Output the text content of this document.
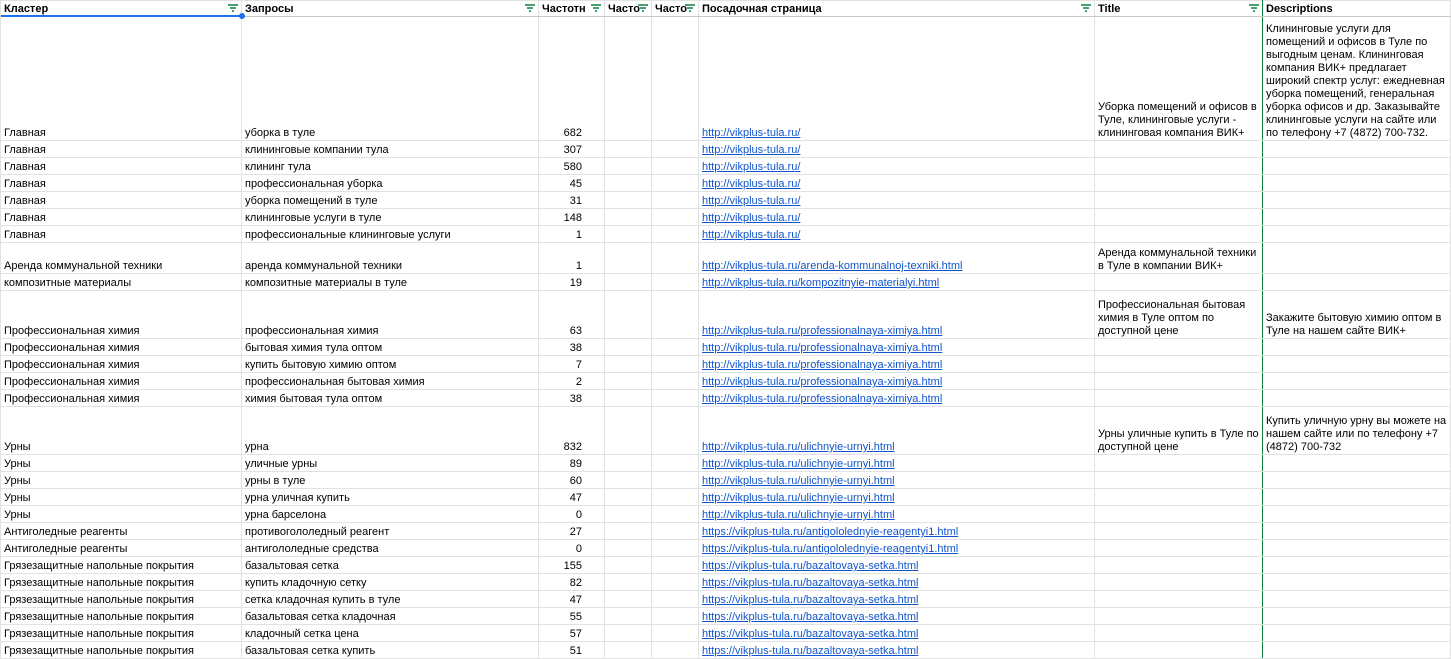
Кластер	Запросы	Частотн	Часто	Часто	Посадочная страница	Title	Descriptions
Главная	уборка в туле	682			http://vikplus-tula.ru/	Уборка помещений и офисов в Туле, клининговые услуги - клининговая компания ВИК+	Клининговые услуги для помещений и офисов в Туле по выгодным ценам. Клининговая компания ВИК+ предлагает широкий спектр услуг: ежедневная уборка помещений, генеральная уборка офисов и др. Заказывайте клининговые услуги на сайте или по телефону +7 (4872) 700-732.
Главная	клининговые компании тула	307			http://vikplus-tula.ru/		
Главная	клининг тула	580			http://vikplus-tula.ru/		
Главная	профессиональная уборка	45			http://vikplus-tula.ru/		
Главная	уборка помещений в туле	31			http://vikplus-tula.ru/		
Главная	клининговые услуги в туле	148			http://vikplus-tula.ru/		
Главная	профессиональные клининговые услуги	1			http://vikplus-tula.ru/		
Аренда коммунальной техники	аренда коммунальной техники	1			http://vikplus-tula.ru/arenda-kommunalnoj-texniki.html	Аренда коммунальной техники в Туле в компании ВИК+	
композитные материалы	композитные материалы в туле	19			http://vikplus-tula.ru/kompozitnyie-materialyi.html		
Профессиональная химия	профессиональная химия	63			http://vikplus-tula.ru/professionalnaya-ximiya.html	Профессиональная бытовая химия в Туле оптом по доступной цене	Закажите бытовую химию оптом в Туле на нашем сайте ВИК+
Профессиональная химия	бытовая химия тула оптом	38			http://vikplus-tula.ru/professionalnaya-ximiya.html		
Профессиональная химия	купить бытовую химию оптом	7			http://vikplus-tula.ru/professionalnaya-ximiya.html		
Профессиональная химия	профессиональная бытовая химия	2			http://vikplus-tula.ru/professionalnaya-ximiya.html		
Профессиональная химия	химия бытовая тула оптом	38			http://vikplus-tula.ru/professionalnaya-ximiya.html		
Урны	урна	832			http://vikplus-tula.ru/ulichnyie-urnyi.html	Урны уличные купить в Туле по доступной цене	Купить уличную урну вы можете на нашем сайте или по телефону +7 (4872) 700-732
Урны	уличные урны	89			http://vikplus-tula.ru/ulichnyie-urnyi.html		
Урны	урны в туле	60			http://vikplus-tula.ru/ulichnyie-urnyi.html		
Урны	урна уличная купить	47			http://vikplus-tula.ru/ulichnyie-urnyi.html		
Урны	урна барселона	0			http://vikplus-tula.ru/ulichnyie-urnyi.html		
Антиголедные реагенты	противогололедный реагент	27			https://vikplus-tula.ru/antigololednyie-reagentyi1.html		
Антиголедные реагенты	антигололедные средства	0			https://vikplus-tula.ru/antigololednyie-reagentyi1.html		
Грязезащитные напольные покрытия	базальтовая сетка	155			https://vikplus-tula.ru/bazaltovaya-setka.html		
Грязезащитные напольные покрытия	купить кладочную сетку	82			https://vikplus-tula.ru/bazaltovaya-setka.html		
Грязезащитные напольные покрытия	сетка кладочная купить в туле	47			https://vikplus-tula.ru/bazaltovaya-setka.html		
Грязезащитные напольные покрытия	базальтовая сетка кладочная	55			https://vikplus-tula.ru/bazaltovaya-setka.html		
Грязезащитные напольные покрытия	кладочный сетка цена	57			https://vikplus-tula.ru/bazaltovaya-setka.html		
Грязезащитные напольные покрытия	базальтовая сетка купить	51			https://vikplus-tula.ru/bazaltovaya-setka.html		
